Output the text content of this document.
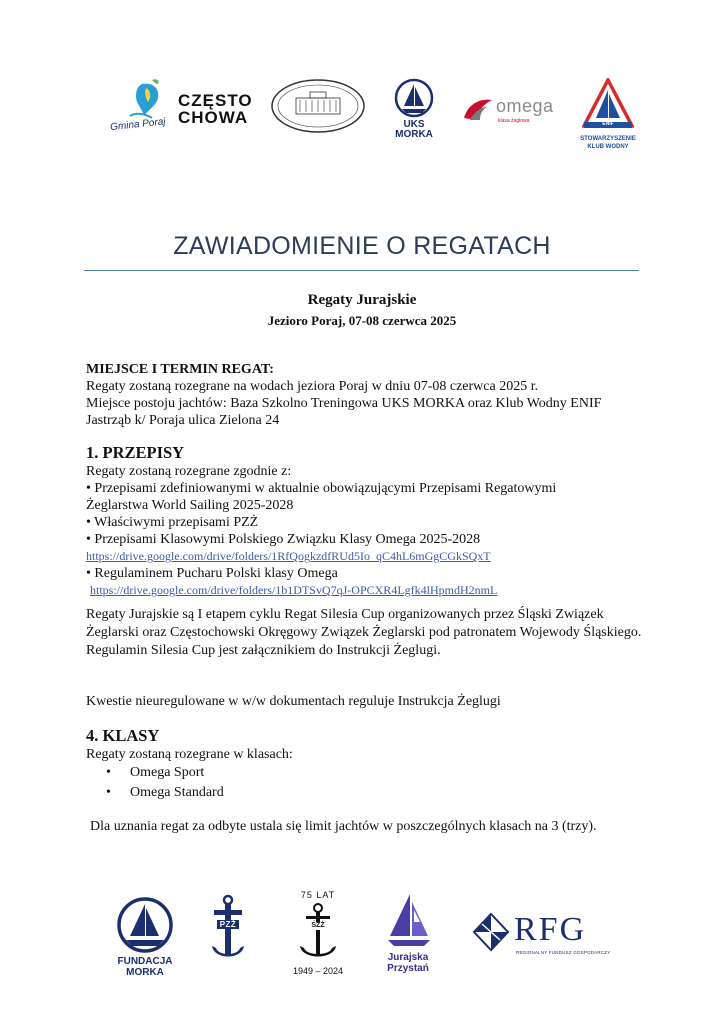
Gmina Poraj
CZĘSTO
CHOWA	UKS
MORKA
omega
klasa żaglowa	ENIF
STOWARZYSZENIE
KLUB WODNY
ZAWIADOMIENIE O REGATACH
Regaty Jurajskie
Jezioro Poraj, 07-08 czerwca 2025

MIEJSCE I TERMIN REGAT:

Regaty zostaną rozegrane na wodach jeziora Poraj w dniu 07-08 czerwca 2025 r.

Miejsce postoju jachtów: Baza Szkolno Treningowa UKS MORKA oraz Klub Wodny ENIF

Jastrząb k/ Poraja ulica Zielona 24

1. PRZEPISY

Regaty zostaną rozegrane zgodnie z:

• Przepisami zdefiniowanymi w aktualnie obowiązującymi Przepisami Regatowymi

Żeglarstwa World Sailing 2025-2028

• Właściwymi przepisami PZŻ

• Przepisami Klasowymi Polskiego Związku Klasy Omega 2025-2028

https://drive.google.com/drive/folders/1RfQogkzdfRUd5Io_qC4hL6mGgCGkSQxT

• Regulaminem Pucharu Polski klasy Omega

https://drive.google.com/drive/folders/1b1DTSvQ7qJ-OPCXR4Lgfk4lHpmdH2nmL

Regaty Jurajskie są I etapem cyklu Regat Silesia Cup organizowanych przez Śląski Związek Żeglarski oraz Częstochowski Okręgowy Związek Żeglarski pod patronatem Wojewody Śląskiego. Regulamin Silesia Cup jest załącznikiem do Instrukcji Żeglugi.

Kwestie nieuregulowane w w/w dokumentach reguluje Instrukcja Żeglugi

4. KLASY

Regaty zostaną rozegrane w klasach:

• Omega Sport
• Omega Standard

Dla uznania regat za odbyte ustala się limit jachtów w poszczególnych klasach na 3 (trzy).

FUNDACJA
MORKA
PZŻ
75 LAT
ŚZŻ
1949 – 2024
Jurajska
Przystań
RFG
REGIONALNY FUNDUSZ GOSPODARCZY
